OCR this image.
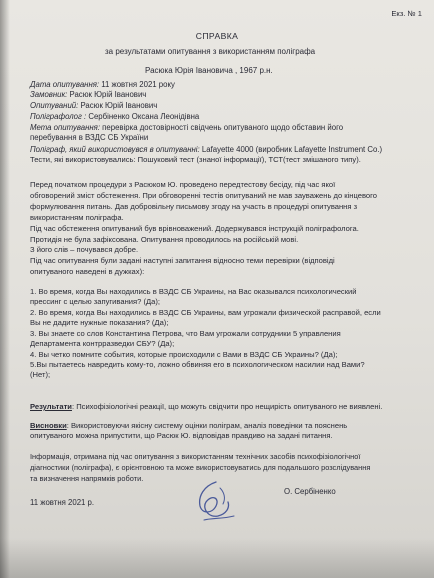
Екз. № 1
СПРАВКА
за результатами опитування з використанням поліграфа
Расюка Юрія Івановича , 1967 р.н.
Дата опитування: 11 жовтня 2021 року
Замовник: Расюк Юрій Іванович
Опитуваний: Расюк Юрій Іванович
Поліграфолог : Сербіненко Оксана Леонідівна
Мета опитування: перевірка достовірності свідчень опитуваного щодо обставин його
перебування в ВЗДС СБ України
Поліграф, який використовувся в опитуванні: Lafayette 4000 (виробник Lafayette Instrument Co.)
Тести, які використовувались: Пошуковий тест (знаної інформації), ТСТ(тест змішаного типу).
Перед початком процедури з Расюком Ю. проведено передтестову бесіду, під час якої
обговорений зміст обстеження. При обговоренні тестів опитуваний не мав зауважень до кінцевого
формулювання питань. Дав добровільну письмову згоду на участь в процедурі опитування з
використанням поліграфа.
Під час обстеження опитуваний був врівноважений. Додержувався інструкцій поліграфолога.
Протидія не була зафіксована. Опитування проводилось на російській мові.
З його слів – почувався добре.
Під час опитування були задані наступні запитання відносно теми перевірки (відповіді
опитуваного наведені в дужках):
1. Во время, когда Вы находились в ВЗДС СБ Украины, на Вас оказывался психологический
прессинг с целью запугивания? (Да);
2. Во время, когда Вы находились в ВЗДС СБ Украины, вам угрожали физической расправой, если
Вы не дадите нужные показания? (Да);
3. Вы знаете со слов Константина Петрова, что Вам угрожали сотрудники 5 управления
Департамента контрразведки СБУ? (Да);
4. Вы четко помните события, которые происходили с Вами в ВЗДС СБ Украины? (Да);
5.Вы пытаетесь навредить кому-то, ложно обвиняя его в психологическом насилии над Вами?
(Нет);
Результати: Психофізіологічні реакції, що можуть свідчити про нещирість опитуваного не виявлені.
Висновки: Використовуючи якісну систему оцінки поліграм, аналіз поведінки та пояснень
опитуваного можна припустити, що Расюк Ю. відповідав правдиво на задані питання.
Інформація, отримана під час опитування з використанням технічних засобів психофізіологічної
діагностики (поліграфа), є орієнтовною та може використовуватись для подальшого розслідування
та визначення напрямків роботи.
О. Сербіненко
11 жовтня 2021 р.
